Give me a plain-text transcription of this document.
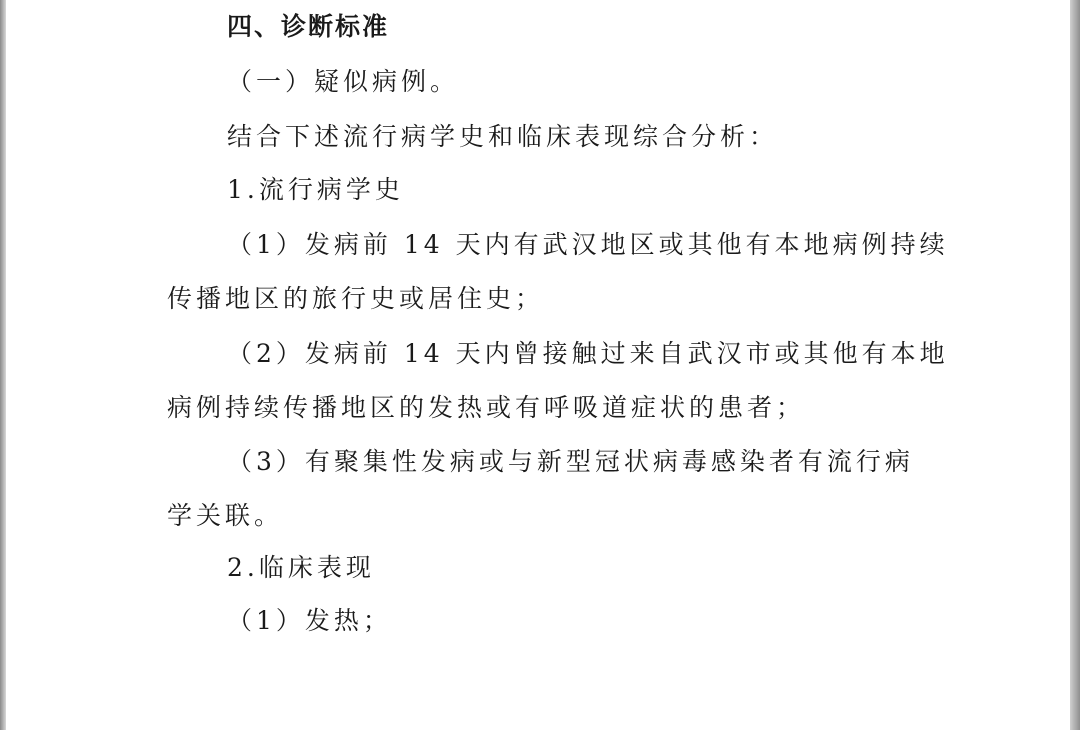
四、诊断标准
（一）疑似病例。
结合下述流行病学史和临床表现综合分析：
1.流行病学史
（1）发病前 14 天内有武汉地区或其他有本地病例持续
传播地区的旅行史或居住史；
（2）发病前 14 天内曾接触过来自武汉市或其他有本地
病例持续传播地区的发热或有呼吸道症状的患者；
（3）有聚集性发病或与新型冠状病毒感染者有流行病
学关联。
2.临床表现
（1）发热；
